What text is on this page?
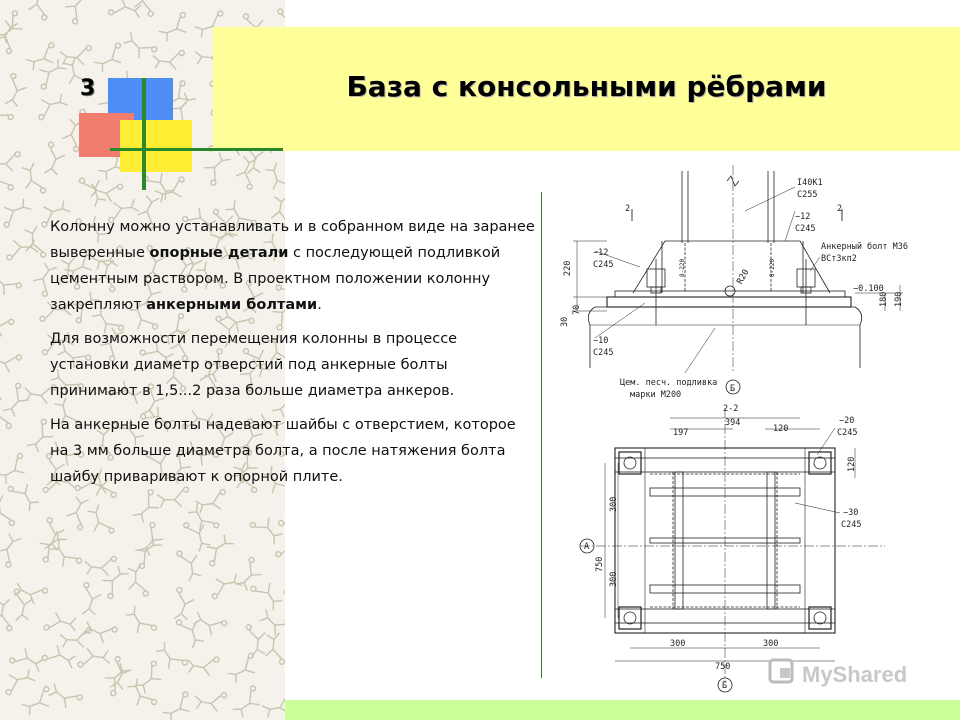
3	База с консольными рёбрами

Колонну можно устанавливать и в собранном виде на заранее выверенные опорные детали с последующей подливкой цементным раствором. В проектном положении колонну закрепляют анкерными болтами.

Для возможности перемещения колонны в процессе установки диаметр отверстий под анкерные болты принимают в 1,5...2 раза больше диаметра анкеров.

На анкерные болты надевают шайбы с отверстием, которое на 3 мм больше диаметра болта, а после натяжения болта шайбу приваривают к опорной плите.

I40K1
C255
2	2
−12
C245
−12
C245
Анкерный болт M36
ВСт3кп2
−0.100
−10
C245
Цем. песч. подливка
марки M200
Б
220
30
70
180 190
R20
8-220	8-220
2-2
394
197	120
120
−20
C245
−30
C245
300
300
750
300	300
750
А
Б	MyShared
